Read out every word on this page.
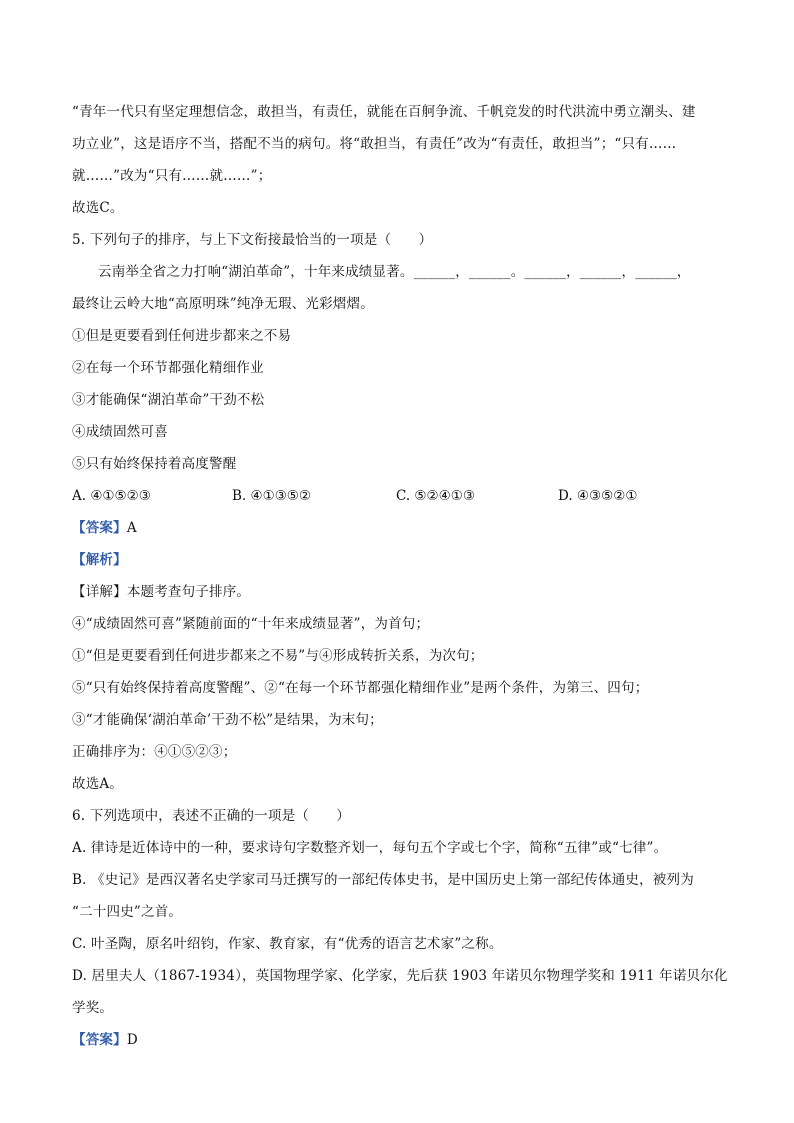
“青年一代只有坚定理想信念，敢担当，有责任，就能在百舸争流、千帆竞发的时代洪流中勇立潮头、建
功立业”，这是语序不当，搭配不当的病句。将“敢担当，有责任”改为“有责任，敢担当”；“只有……
就……”改为“只有……就……”；
故选C。
5. 下列句子的排序，与上下文衔接最恰当的一项是（　　）
云南举全省之力打响“湖泊革命”，十年来成绩显著。______，______。______，______，______，
最终让云岭大地“高原明珠”纯净无瑕、光彩熠熠。
①但是更要看到任何进步都来之不易
②在每一个环节都强化精细作业
③才能确保“湖泊革命”干劲不松
④成绩固然可喜
⑤只有始终保持着高度警醒
A. ④①⑤②③	B. ④①③⑤②	C. ⑤②④①③	D. ④③⑤②①
【答案】A
【解析】
【详解】本题考查句子排序。
④“成绩固然可喜”紧随前面的“十年来成绩显著”，为首句；
①“但是更要看到任何进步都来之不易”与④形成转折关系，为次句；
⑤“只有始终保持着高度警醒”、②“在每一个环节都强化精细作业”是两个条件，为第三、四句；
③“才能确保‘湖泊革命’干劲不松”是结果，为末句；
正确排序为：④①⑤②③；
故选A。
6. 下列选项中，表述不正确的一项是（　　）
A. 律诗是近体诗中的一种，要求诗句字数整齐划一，每句五个字或七个字，简称“五律”或“七律”。
B. 《史记》是西汉著名史学家司马迁撰写的一部纪传体史书，是中国历史上第一部纪传体通史，被列为
“二十四史”之首。
C. 叶圣陶，原名叶绍钧，作家、教育家，有“优秀的语言艺术家”之称。
D. 居里夫人（1867-1934），英国物理学家、化学家，先后获 1903 年诺贝尔物理学奖和 1911 年诺贝尔化
学奖。
【答案】D
